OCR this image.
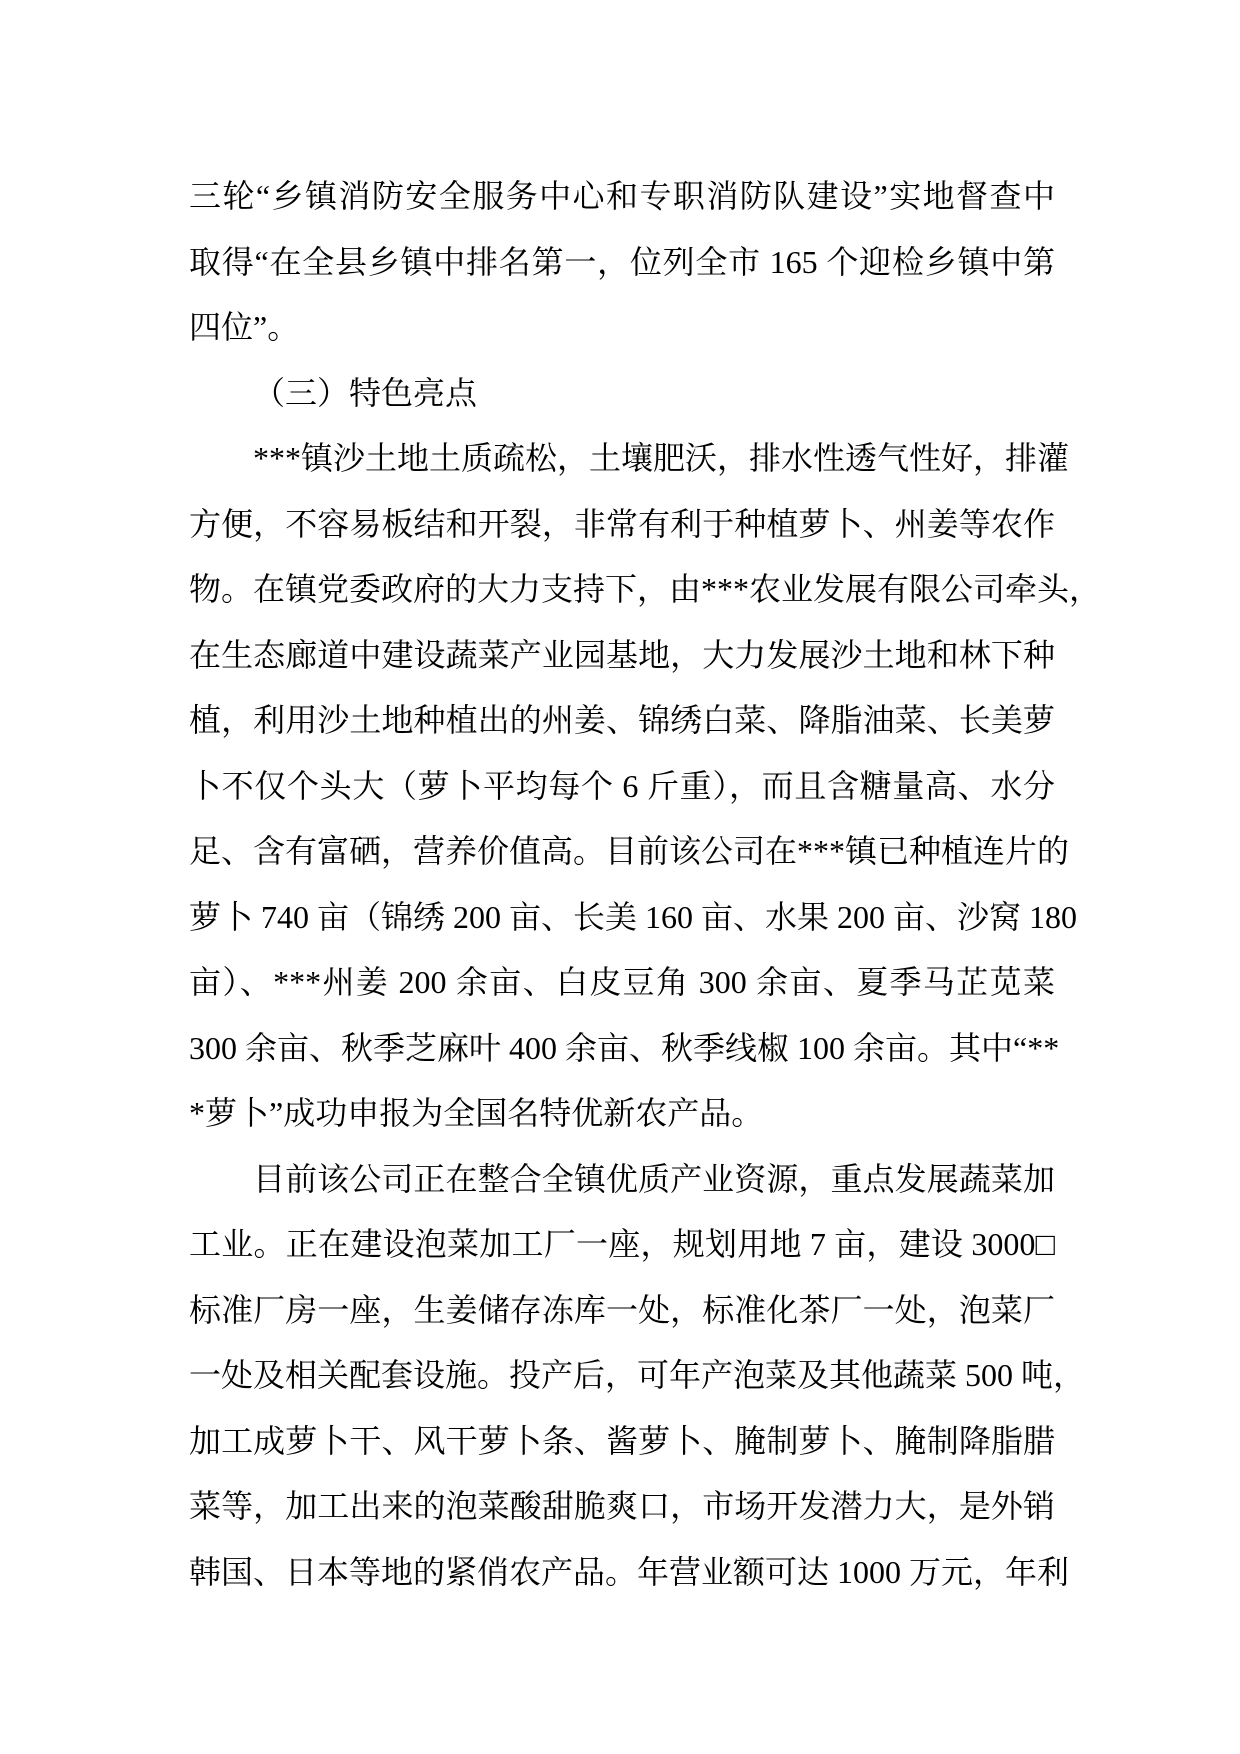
三轮“乡镇消防安全服务中心和专职消防队建设”实地督查中
取得“在全县乡镇中排名第一，位列全市 165 个迎检乡镇中第
四位”。
（三）特色亮点
***镇沙土地土质疏松，土壤肥沃，排水性透气性好，排灌
方便，不容易板结和开裂，非常有利于种植萝卜、州姜等农作
物。在镇党委政府的大力支持下，由***农业发展有限公司牵头，
在生态廊道中建设蔬菜产业园基地，大力发展沙土地和林下种
植，利用沙土地种植出的州姜、锦绣白菜、降脂油菜、长美萝
卜不仅个头大（萝卜平均每个 6 斤重），而且含糖量高、水分
足、含有富硒，营养价值高。目前该公司在***镇已种植连片的
萝卜 740 亩（锦绣 200 亩、长美 160 亩、水果 200 亩、沙窝 180
亩）、***州姜 200 余亩、白皮豆角 300 余亩、夏季马芷苋菜
300 余亩、秋季芝麻叶 400 余亩、秋季线椒 100 余亩。其中“**
*萝卜”成功申报为全国名特优新农产品。
目前该公司正在整合全镇优质产业资源，重点发展蔬菜加
工业。正在建设泡菜加工厂一座，规划用地 7 亩，建设 3000□
标准厂房一座，生姜储存冻库一处，标准化茶厂一处，泡菜厂
一处及相关配套设施。投产后，可年产泡菜及其他蔬菜 500 吨，
加工成萝卜干、风干萝卜条、酱萝卜、腌制萝卜、腌制降脂腊
菜等，加工出来的泡菜酸甜脆爽口，市场开发潜力大，是外销
韩国、日本等地的紧俏农产品。年营业额可达 1000 万元，年利
